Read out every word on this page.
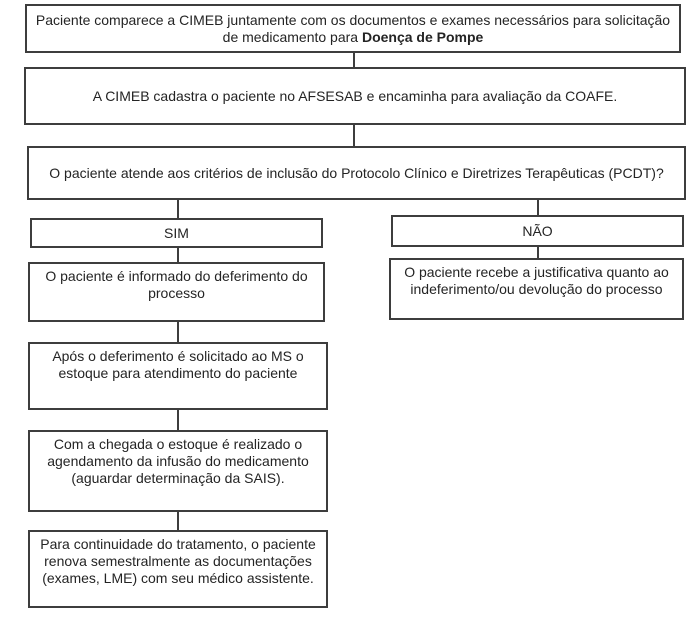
Paciente comparece a CIMEB juntamente com os documentos e exames necessários para solicitação de medicamento para Doença de Pompe
A CIMEB cadastra o paciente no AFSESAB e encaminha para avaliação da COAFE.
O paciente atende aos critérios de inclusão do Protocolo Clínico e Diretrizes Terapêuticas (PCDT)?
SIM	NÃO
O paciente é informado do deferimento do processo
O paciente recebe a justificativa quanto ao indeferimento/ou devolução do processo
Após o deferimento é solicitado ao MS o estoque para atendimento do paciente
Com a chegada o estoque é realizado o agendamento da infusão do medicamento (aguardar determinação da SAIS).
Para continuidade do tratamento, o paciente renova semestralmente as documentações (exames, LME) com seu médico assistente.
